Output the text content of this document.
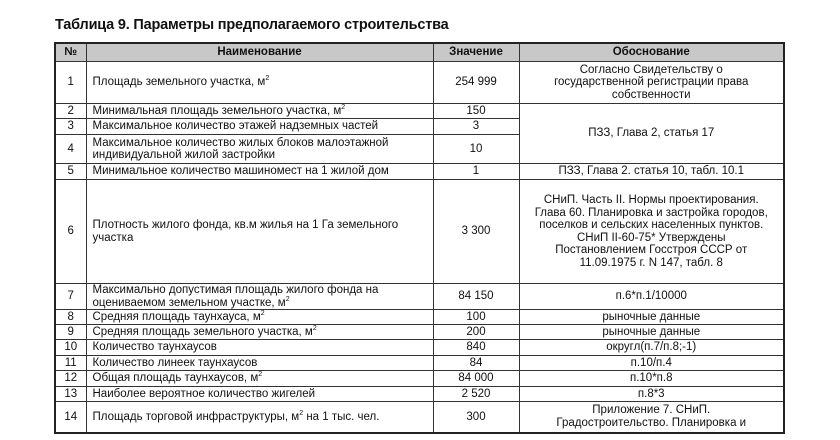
Таблица 9. Параметры предполагаемого строительства
№	Наименование	Значение	Обоснование
1	Площадь земельного участка, $м^2$	254 999	Согласно Свидетельству о государственной регистрации права собственности
2	Минимальная площадь земельного участка, $м^2$	150	ПЗЗ, Глава 2, статья 17
3	Максимальное количество этажей надземных частей	3	
4	Максимальное количество жилых блоков малоэтажной индивидуальной жилой застройки	10	
5	Минимальное количество машиномест на 1 жилой дом	1	ПЗЗ, Глава 2. статья 10, табл. 10.1
6	Плотность жилого фонда, кв.м жилья на 1 Га земельного участка	3 300	СНиП. Часть II. Нормы проектирования. Глава 60. Планировка и застройка городов, поселков и сельских населенных пунктов. СНиП II-60-75* Утверждены Постановлением Госстроя СССР от 11.09.1975 г. N 147, табл. 8
7	Максимально допустимая площадь жилого фонда на оцениваемом земельном участке, $м^2$	84 150	п.6*п.1/10000
8	Средняя площадь таунхауса, $м^2$	100	рыночные данные
9	Средняя площадь земельного участка, $м^2$	200	рыночные данные
10	Количество таунхаусов	840	округл(п.7/п.8;-1)
11	Количество линеек таунхаусов	84	п.10/п.4
12	Общая площадь таунхаусов, $м^2$	84 000	п.10*п.8
13	Наиболее вероятное количество жигелей	2 520	п.8*3
14	Площадь торговой инфраструктуры, $м^2$ на 1 тыс. чел.	300	Приложение 7. СНиП. Градостроительство. Планировка и
